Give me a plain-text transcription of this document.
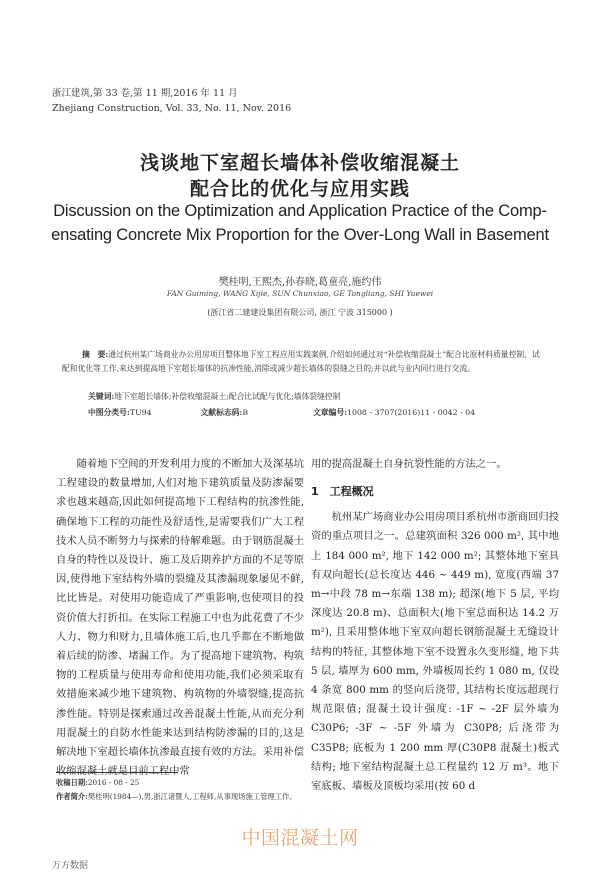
浙江建筑,第 33 卷,第 11 期,2016 年 11 月
Zhejiang Construction, Vol. 33, No. 11, Nov. 2016
浅谈地下室超长墙体补偿收缩混凝土
配合比的优化与应用实践
Discussion on the Optimization and Application Practice of the Comp-
ensating Concrete Mix Proportion for the Over-Long Wall in Basement
樊桂明,王熙杰,孙春晓,葛童亮,施约伟
FAN Guiming, WANG Xijie, SUN Chunxiao, GE Tongliang, SHI Yuewei
(浙江省二建建设集团有限公司, 浙江 宁波 315000 )
摘　要:通过杭州某广场商业办公用房项目整体地下室工程应用实践案例,介绍如何通过对“补偿收缩混凝土”配合比原材料质量控制、试配和优化等工作,来达到提高地下室超长墙体的抗渗性能,消除或减少超长墙体的裂缝之目的;并以此与业内同行进行交流。
关键词:地下室超长墙体;补偿收缩混凝土;配合比试配与优化;墙体裂缝控制
中图分类号:TU94	文献标志码:B	文章编号:1008 - 3707(2016)11 - 0042 - 04

随着地下空间的开发利用力度的不断加大及深基坑工程建设的数量增加,人们对地下建筑质量及防渗漏要求也越来越高,因此如何提高地下工程结构的抗渗性能,确保地下工程的功能性及舒适性,是需要我们广大工程技术人员不断努力与探索的待解难题。由于钢筋混凝土自身的特性以及设计、施工及后期养护方面的不足等原因,使得地下室结构外墙的裂缝及其渗漏现象屡见不鲜,比比皆是。对使用功能造成了严重影响,也使项目的投资价值大打折扣。在实际工程施工中也为此花费了不少人力、物力和财力,且墙体施工后,也几乎都在不断地做着后续的防渗、堵漏工作。为了提高地下建筑物、构筑物的工程质量与使用寿命和使用功能,我们必须采取有效措施来减少地下建筑物、构筑物的外墙裂缝,提高抗渗性能。特别是探索通过改善混凝土性能,从而充分利用混凝土的自防水性能来达到结构防渗漏的目的,这是解决地下室超长墙体抗渗最直接有效的方法。采用补偿收缩混凝土就是目前工程中常

用的提高混凝土自身抗裂性能的方法之一。

1　工程概况

杭州某广场商业办公用房项目系杭州市浙商回归投资的重点项目之一。总建筑面积 326 000 m², 其中地上 184 000 m², 地下 142 000 m²; 其整体地下室具有双向超长(总长度达 446 ~ 449 m), 宽度(西端 37 m→中段 78 m→东端 138 m); 超深(地下 5 层, 平均深度达 20.8 m)、总面积大(地下室总面积达 14.2 万 m²), 且采用整体地下室双向超长钢筋混凝土无缝设计结构的特征, 其整体地下室不设置永久变形缝, 地下共 5 层, 墙厚为 600 mm, 外墙板周长约 1 080 m, 仅设 4 条宽 800 mm 的竖向后浇带, 其结构长度远超现行规范限值; 混凝土设计强度: -1F ~ -2F 层外墙为 C30P6; -3F ~ -5F 外墙为 C30P8; 后浇带为 C35P8; 底板为 1 200 mm 厚(C30P8 混凝土)板式结构; 地下室结构混凝土总工程量约 12 万 m³。地下室底板、墙板及顶板均采用(按 60 d

收稿日期:2016 - 08 - 25
作者简介:樊桂明(1984—),男,浙江诸暨人,工程师,从事现场施工管理工作。
中国混凝土网
万方数据
